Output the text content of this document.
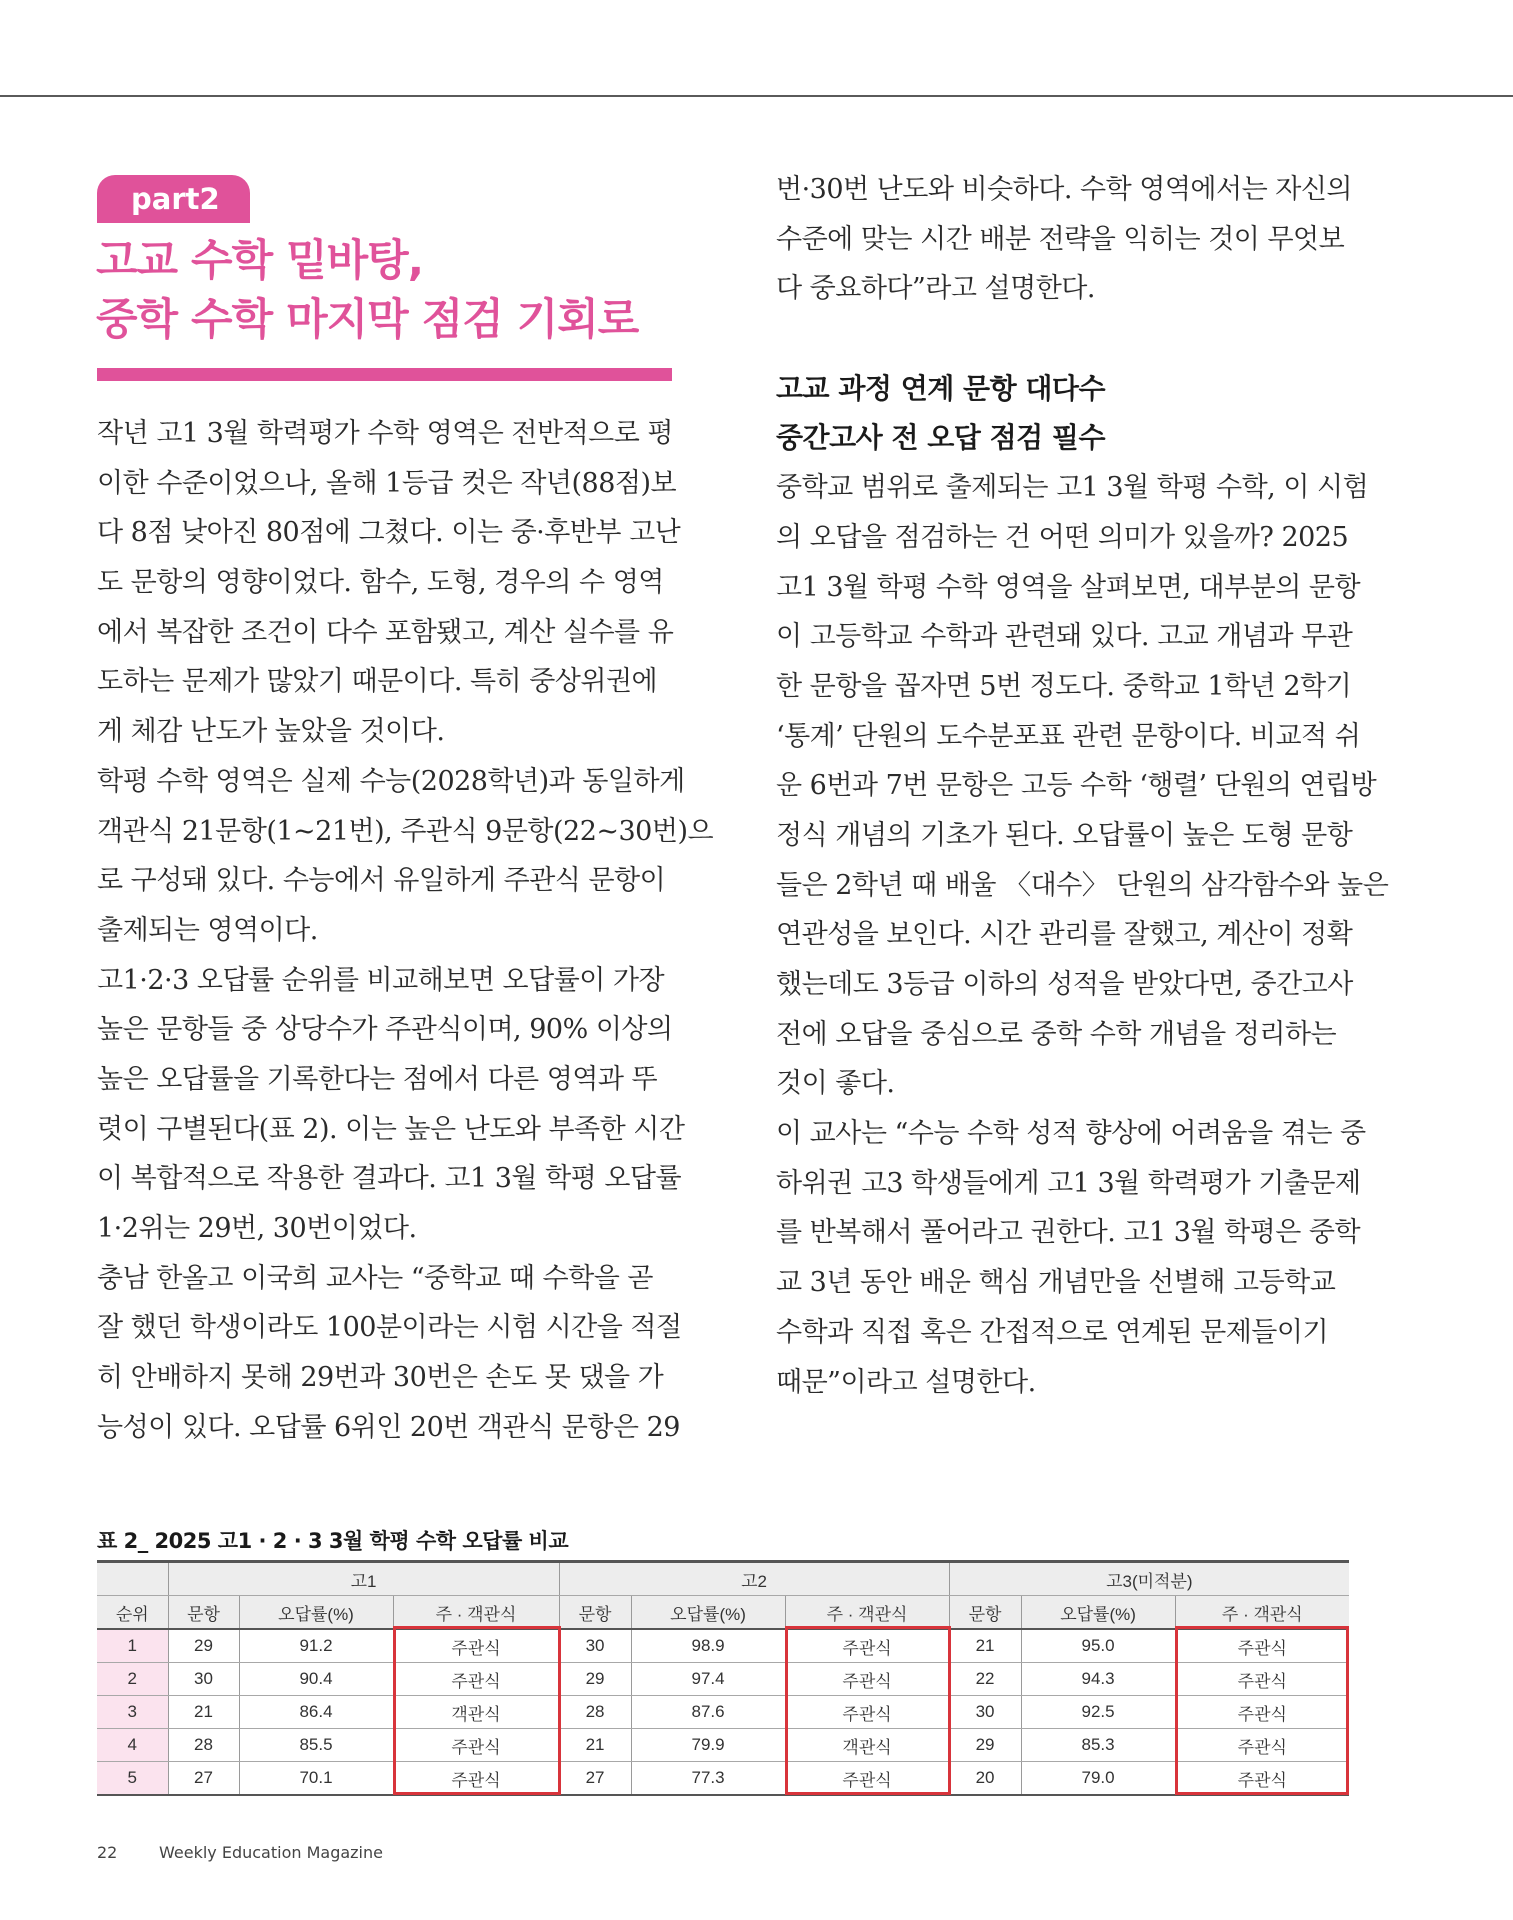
part2
고교 수학 밑바탕,
중학 수학 마지막 점검 기회로
작년 고1 3월 학력평가 수학 영역은 전반적으로 평
이한 수준이었으나, 올해 1등급 컷은 작년(88점)보
다 8점 낮아진 80점에 그쳤다. 이는 중·후반부 고난
도 문항의 영향이었다. 함수, 도형, 경우의 수 영역
에서 복잡한 조건이 다수 포함됐고, 계산 실수를 유
도하는 문제가 많았기 때문이다. 특히 중상위권에
게 체감 난도가 높았을 것이다.
학평 수학 영역은 실제 수능(2028학년)과 동일하게
객관식 21문항(1~21번), 주관식 9문항(22~30번)으
로 구성돼 있다. 수능에서 유일하게 주관식 문항이
출제되는 영역이다.
고1·2·3 오답률 순위를 비교해보면 오답률이 가장
높은 문항들 중 상당수가 주관식이며, 90% 이상의
높은 오답률을 기록한다는 점에서 다른 영역과 뚜
렷이 구별된다(표 2). 이는 높은 난도와 부족한 시간
이 복합적으로 작용한 결과다. 고1 3월 학평 오답률
1·2위는 29번, 30번이었다.
충남 한올고 이국희 교사는 “중학교 때 수학을 곧
잘 했던 학생이라도 100분이라는 시험 시간을 적절
히 안배하지 못해 29번과 30번은 손도 못 댔을 가
능성이 있다. 오답률 6위인 20번 객관식 문항은 29
번·30번 난도와 비슷하다. 수학 영역에서는 자신의
수준에 맞는 시간 배분 전략을 익히는 것이 무엇보
다 중요하다”라고 설명한다.
고교 과정 연계 문항 대다수
중간고사 전 오답 점검 필수
중학교 범위로 출제되는 고1 3월 학평 수학, 이 시험
의 오답을 점검하는 건 어떤 의미가 있을까? 2025
고1 3월 학평 수학 영역을 살펴보면, 대부분의 문항
이 고등학교 수학과 관련돼 있다. 고교 개념과 무관
한 문항을 꼽자면 5번 정도다. 중학교 1학년 2학기
‘통계’ 단원의 도수분포표 관련 문항이다. 비교적 쉬
운 6번과 7번 문항은 고등 수학 ‘행렬’ 단원의 연립방
정식 개념의 기초가 된다. 오답률이 높은 도형 문항
들은 2학년 때 배울 〈대수〉 단원의 삼각함수와 높은
연관성을 보인다. 시간 관리를 잘했고, 계산이 정확
했는데도 3등급 이하의 성적을 받았다면, 중간고사
전에 오답을 중심으로 중학 수학 개념을 정리하는
것이 좋다.
이 교사는 “수능 수학 성적 향상에 어려움을 겪는 중
하위권 고3 학생들에게 고1 3월 학력평가 기출문제
를 반복해서 풀어라고 권한다. 고1 3월 학평은 중학
교 3년 동안 배운 핵심 개념만을 선별해 고등학교
수학과 직접 혹은 간접적으로 연계된 문제들이기
때문”이라고 설명한다.
표 2_ 2025 고1 · 2 · 3 3월 학평 수학 오답률 비교
	고1			고2			고3(미적분)		
순위	문항	오답률(%)	주 · 객관식	문항	오답률(%)	주 · 객관식	문항	오답률(%)	주 · 객관식
1	29	91.2	주관식	30	98.9	주관식	21	95.0	주관식
2	30	90.4	주관식	29	97.4	주관식	22	94.3	주관식
3	21	86.4	객관식	28	87.6	주관식	30	92.5	주관식
4	28	85.5	주관식	21	79.9	객관식	29	85.3	주관식
5	27	70.1	주관식	27	77.3	주관식	20	79.0	주관식
22	Weekly Education Magazine
